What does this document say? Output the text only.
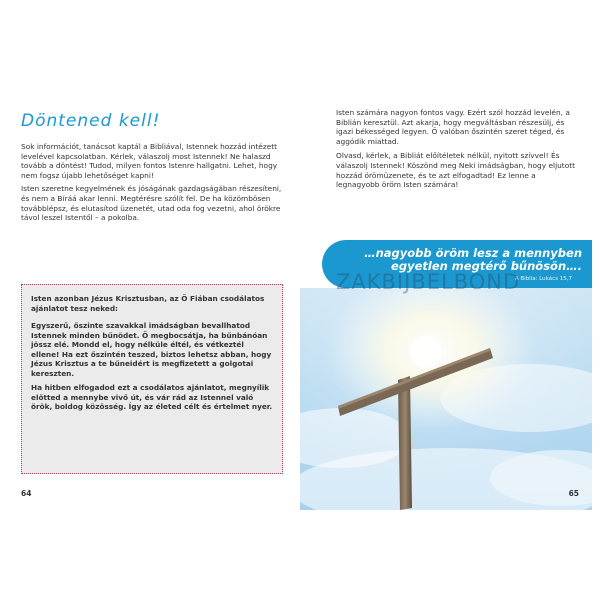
Döntened kell!

Sok információt, tanácsot kaptál a Bibliával, Istennek hozzád intézett levelével kapcsolatban. Kérlek, válaszolj most Istennek! Ne halaszd tovább a döntést! Tudod, milyen fontos Istenre hallgatni. Lehet, hogy nem fogsz újabb lehetőséget kapni!

Isten szeretne kegyelmének és jóságának gazdagságában részesíteni, és nem a Bíráá akar lenni. Megtérésre szólít fel. De ha közömbösen továbblépsz, és elutasítod üzenetét, utad oda fog vezetni, ahol örökre távol leszel Istentől – a pokolba.

Isten azonban Jézus Krisztusban, az Ő Fiában csodálatos ajánlatot tesz neked:

Egyszerű, őszinte szavakkal imádságban bevallhatod Istennek minden bűnödet. Ő megbocsátja, ha bűnbánóan jössz elé. Mondd el, hogy nélküle éltél, és vétkeztél ellene! Ha ezt őszintén teszed, biztos lehetsz abban, hogy Jézus Krisztus a te bűneidért is megfizetett a golgotai kereszten.

Ha hitben elfogadod ezt a csodálatos ajánlatot, megnyílik előtted a mennybe vivő út, és vár rád az Istennel való örök, boldog közösség. Így az életed célt és értelmet nyer.

64

Isten számára nagyon fontos vagy. Ezért szól hozzád levelén, a Biblián keresztül. Azt akarja, hogy megváltásban részesülj, és igazi békességed legyen. Ő valóban őszintén szeret téged, és aggódik miattad.

Olvasd, kérlek, a Bibliát előítéletek nélkül, nyitott szívvel! És válaszolj Istennek! Köszönd meg Neki imádságban, hogy eljutott hozzád örömüzenete, és te azt elfogadtad! Ez lenne a legnagyobb öröm Isten számára!

…nagyobb öröm lesz a mennyben egyetlen megtérő bűnösön….
A Biblia: Lukács 15,7
ZAKBIJBELBOND
65
